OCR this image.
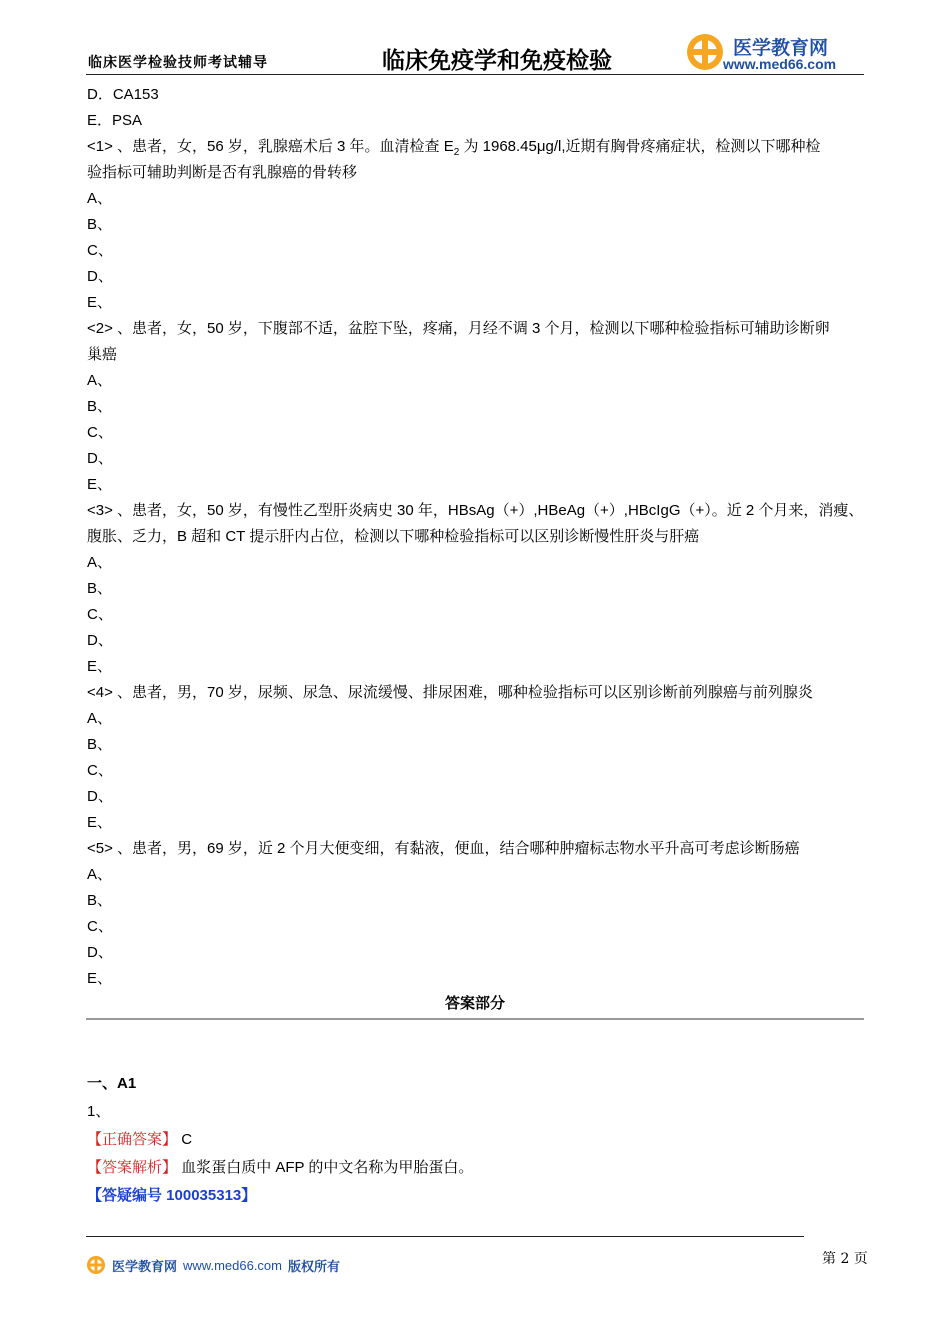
临床医学检验技师考试辅导	临床免疫学和免疫检验	医学教育网
www.med66.com
D．CA153
E．PSA
<1> 、患者，女，56 岁，乳腺癌术后 3 年。血清检查 $E_2$ 为 1968.45μg/l,近期有胸骨疼痛症状，检测以下哪种检
验指标可辅助判断是否有乳腺癌的骨转移
A、
B、
C、
D、
E、
<2> 、患者，女，50 岁，下腹部不适，盆腔下坠，疼痛，月经不调 3 个月，检测以下哪种检验指标可辅助诊断卵
巢癌
A、
B、
C、
D、
E、
<3> 、患者，女，50 岁，有慢性乙型肝炎病史 30 年，HBsAg（+）,HBeAg（+）,HBcIgG（+）。近 2 个月来，消瘦、
腹胀、乏力，B 超和 CT 提示肝内占位，检测以下哪种检验指标可以区别诊断慢性肝炎与肝癌
A、
B、
C、
D、
E、
<4> 、患者，男，70 岁，尿频、尿急、尿流缓慢、排尿困难，哪种检验指标可以区别诊断前列腺癌与前列腺炎
A、
B、
C、
D、
E、
<5> 、患者，男，69 岁，近 2 个月大便变细，有黏液，便血，结合哪种肿瘤标志物水平升高可考虑诊断肠癌
A、
B、
C、
D、
E、
答案部分
一、A1
1、
【正确答案】 C
【答案解析】 血浆蛋白质中 AFP 的中文名称为甲胎蛋白。
【答疑编号 100035313】
医学教育网 www.med66.com 版权所有	第 2 页
